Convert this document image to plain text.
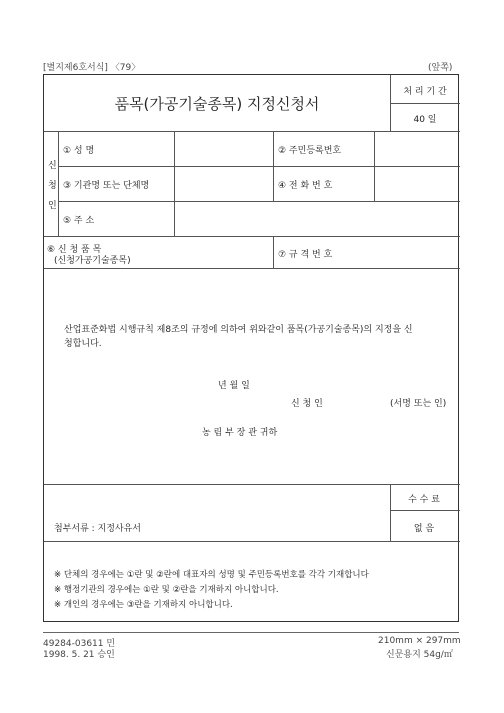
[별지제6호서식] 〈79〉	(앞쪽)
품목(가공기술종목) 지정신청서
처 리 기 간
40 일
신
청
인
① 성 명	② 주민등록번호
③ 기관명 또는 단체명	④ 전 화 번 호
⑤ 주 소
⑥ 신 청 품 목
(신청가공기술종목)
⑦ 규 격 번 호
산업표준화법 시행규칙 제8조의 규정에 의하여 위와같이 품목(가공기술종목)의 지정을 신
청합니다.
년 월 일
신 청 인	(서명 또는 인)
농 림 부 장 관 귀하
수 수 료
없 음
첨부서류 : 지정사유서
※ 단체의 경우에는 ①란 및 ②란에 대표자의 성명 및 주민등록번호를 각각 기재합니다
※ 행정기관의 경우에는 ①란 및 ②란을 기재하지 아니합니다.
※ 개인의 경우에는 ③란을 기재하지 아니합니다.
49284-03611 민
1998. 5. 21 승인
210mm × 297mm
신문용지 54g/㎡
